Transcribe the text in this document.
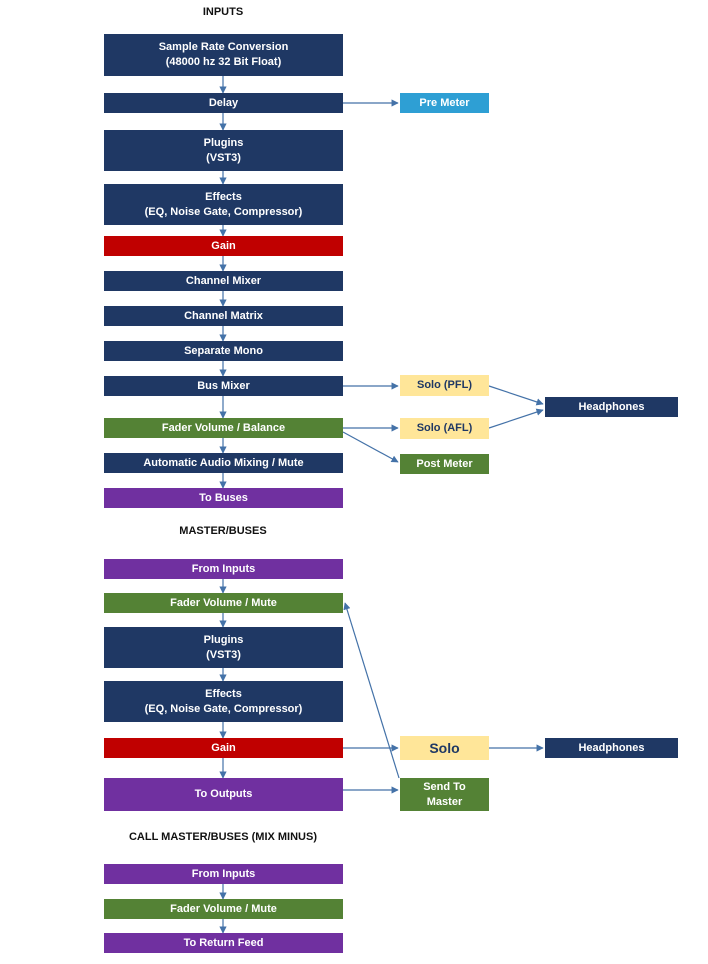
INPUTS
MASTER/BUSES
CALL MASTER/BUSES (MIX MINUS)
Sample Rate Conversion
(48000 hz 32 Bit Float)
Delay	Pre Meter
Plugins
(VST3)
Effects
(EQ, Noise Gate, Compressor)
Gain
Channel Mixer
Channel Matrix
Separate Mono
Bus Mixer	Solo (PFL)
Headphones
Fader Volume / Balance	Solo (AFL)
Automatic Audio Mixing / Mute	Post Meter
To Buses
From Inputs
Fader Volume / Mute
Plugins
(VST3)
Effects
(EQ, Noise Gate, Compressor)
Gain	Solo	Headphones
To Outputs
Send To
Master
From Inputs
Fader Volume / Mute
To Return Feed
